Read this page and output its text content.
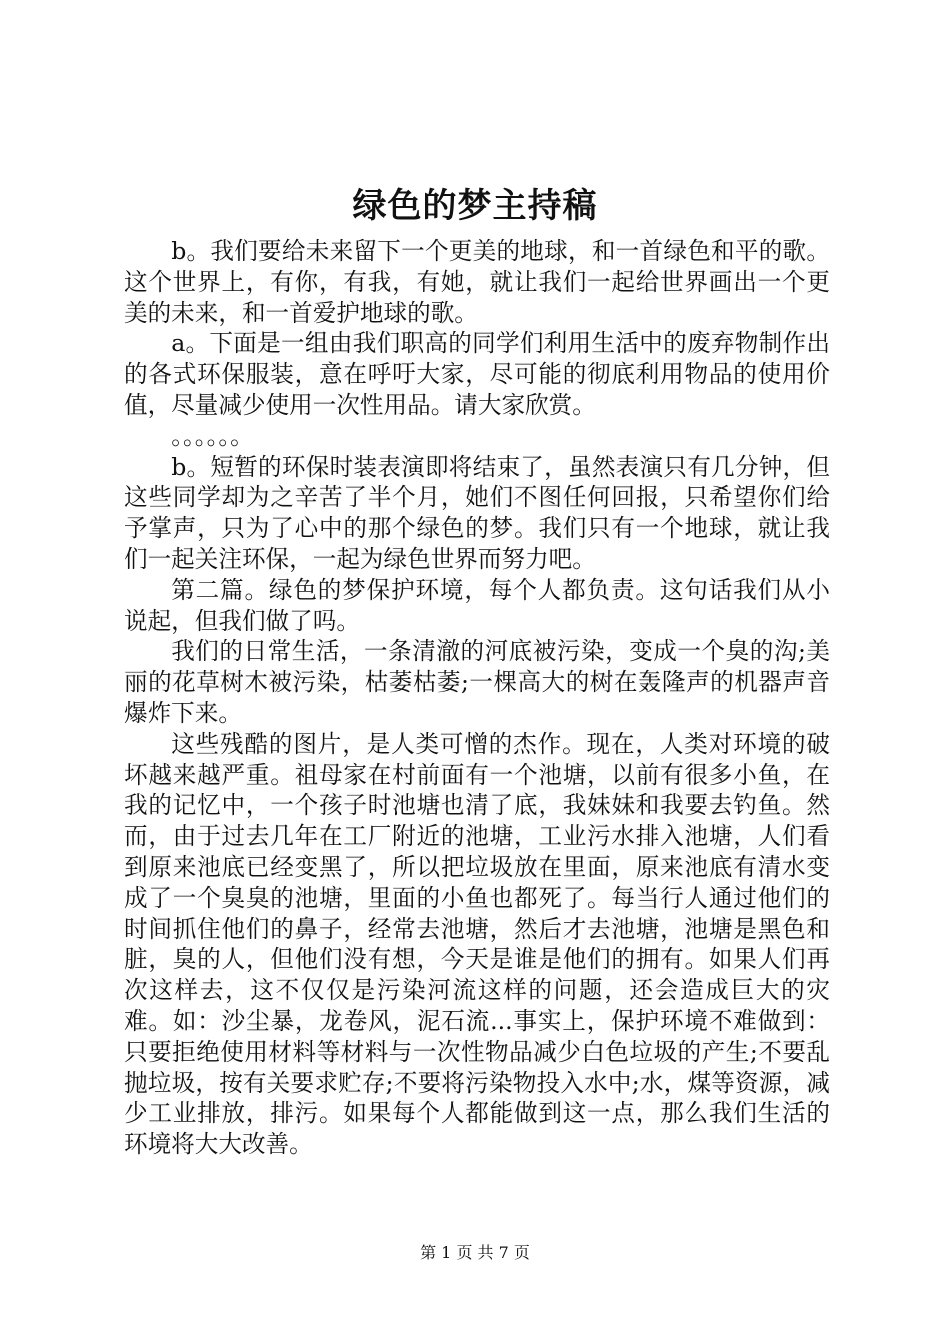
绿色的梦主持稿

b。我们要给未来留下一个更美的地球，和一首绿色和平的歌。这个世界上，有你，有我，有她，就让我们一起给世界画出一个更美的未来，和一首爱护地球的歌。

a。下面是一组由我们职高的同学们利用生活中的废弃物制作出的各式环保服装，意在呼吁大家，尽可能的彻底利用物品的使用价值，尽量减少使用一次性用品。请大家欣赏。

。。。。。。

b。短暂的环保时装表演即将结束了，虽然表演只有几分钟，但这些同学却为之辛苦了半个月，她们不图任何回报，只希望你们给予掌声，只为了心中的那个绿色的梦。我们只有一个地球，就让我们一起关注环保，一起为绿色世界而努力吧。

第二篇。绿色的梦保护环境，每个人都负责。这句话我们从小说起，但我们做了吗。

我们的日常生活，一条清澈的河底被污染，变成一个臭的沟;美丽的花草树木被污染，枯萎枯萎;一棵高大的树在轰隆声的机器声音爆炸下来。

这些残酷的图片，是人类可憎的杰作。现在，人类对环境的破坏越来越严重。祖母家在村前面有一个池塘，以前有很多小鱼，在我的记忆中，一个孩子时池塘也清了底，我妹妹和我要去钓鱼。然而，由于过去几年在工厂附近的池塘，工业污水排入池塘，人们看到原来池底已经变黑了，所以把垃圾放在里面，原来池底有清水变成了一个臭臭的池塘，里面的小鱼也都死了。每当行人通过他们的时间抓住他们的鼻子，经常去池塘，然后才去池塘，池塘是黑色和脏，臭的人，但他们没有想，今天是谁是他们的拥有。如果人们再次这样去，这不仅仅是污染河流这样的问题，还会造成巨大的灾难。如：沙尘暴，龙卷风，泥石流...事实上，保护环境不难做到：只要拒绝使用材料等材料与一次性物品减少白色垃圾的产生;不要乱抛垃圾，按有关要求贮存;不要将污染物投入水中;水，煤等资源，减少工业排放，排污。如果每个人都能做到这一点，那么我们生活的环境将大大改善。

第 1 页 共 7 页
